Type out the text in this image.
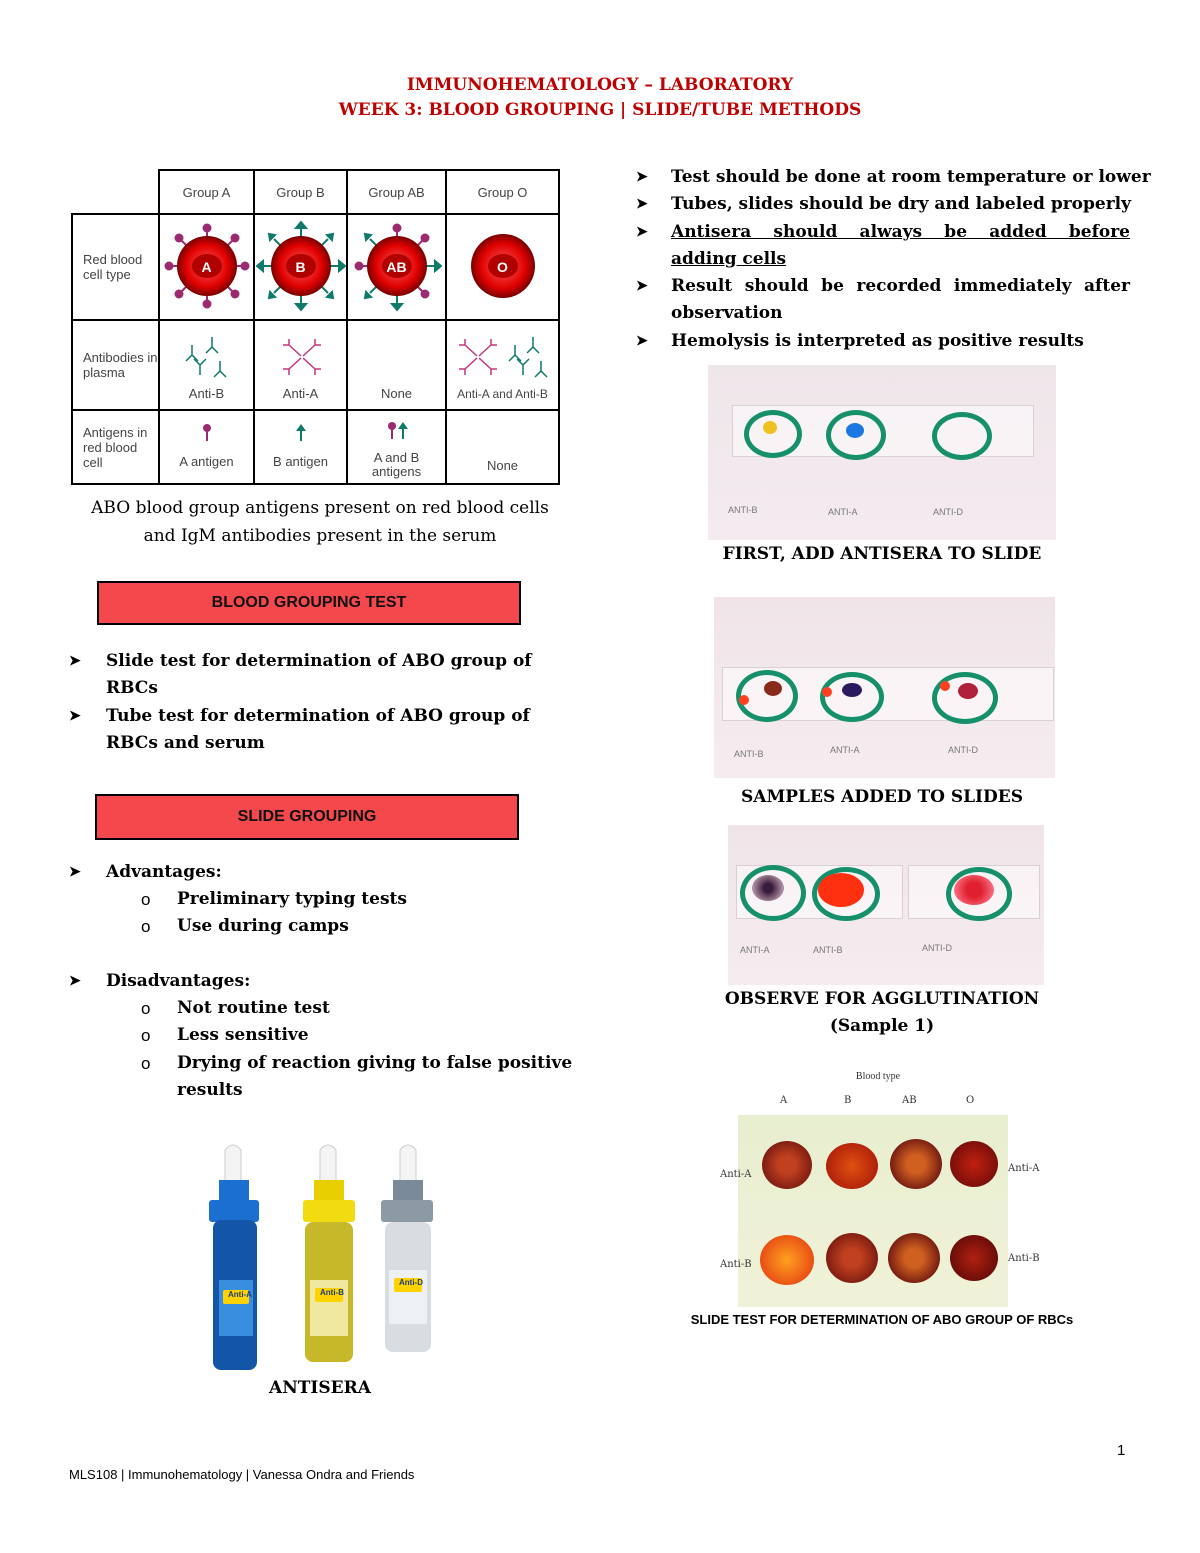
IMMUNOHEMATOLOGY – LABORATORY
WEEK 3: BLOOD GROUPING | SLIDE/TUBE METHODS
	Group A	Group B	Group AB	Group O
Red blood cell type	A	B	AB	O

Antibodies in plasma	Anti-B	Anti-A	None	Anti-A and Anti-B

Antigens in red blood cell	A antigen	B antigen	A and B antigens	None
ABO blood group antigens present on red blood cells
and IgM antibodies present in the serum
BLOOD GROUPING TEST
➤ Slide test for determination of ABO group of
RBCs
➤ Tube test for determination of ABO group of
RBCs and serum
SLIDE GROUPING
➤ Advantages:
o Preliminary typing tests
o Use during camps
➤ Disadvantages:
o Not routine test
o Less sensitive
o Drying of reaction giving to false positive
results
Anti-A	Anti-B
Anti-D
ANTISERA
➤ Test should be done at room temperature or lower
➤ Tubes, slides should be dry and labeled properly
➤ Antisera should always be added before
adding cells
➤ Result should be recorded immediately after
observation
➤ Hemolysis is interpreted as positive results
ANTI-B	ANTI-A	ANTI-D
FIRST, ADD ANTISERA TO SLIDE
ANTI-B	ANTI-A	ANTI-D
SAMPLES ADDED TO SLIDES
ANTI-A	ANTI-B	ANTI-D
OBSERVE FOR AGGLUTINATION
(Sample 1)
Blood type
A	B	AB	O
Anti-A
Anti-A
Anti-B
Anti-B
SLIDE TEST FOR DETERMINATION OF ABO GROUP OF RBCs
1
MLS108 | Immunohematology | Vanessa Ondra and Friends
